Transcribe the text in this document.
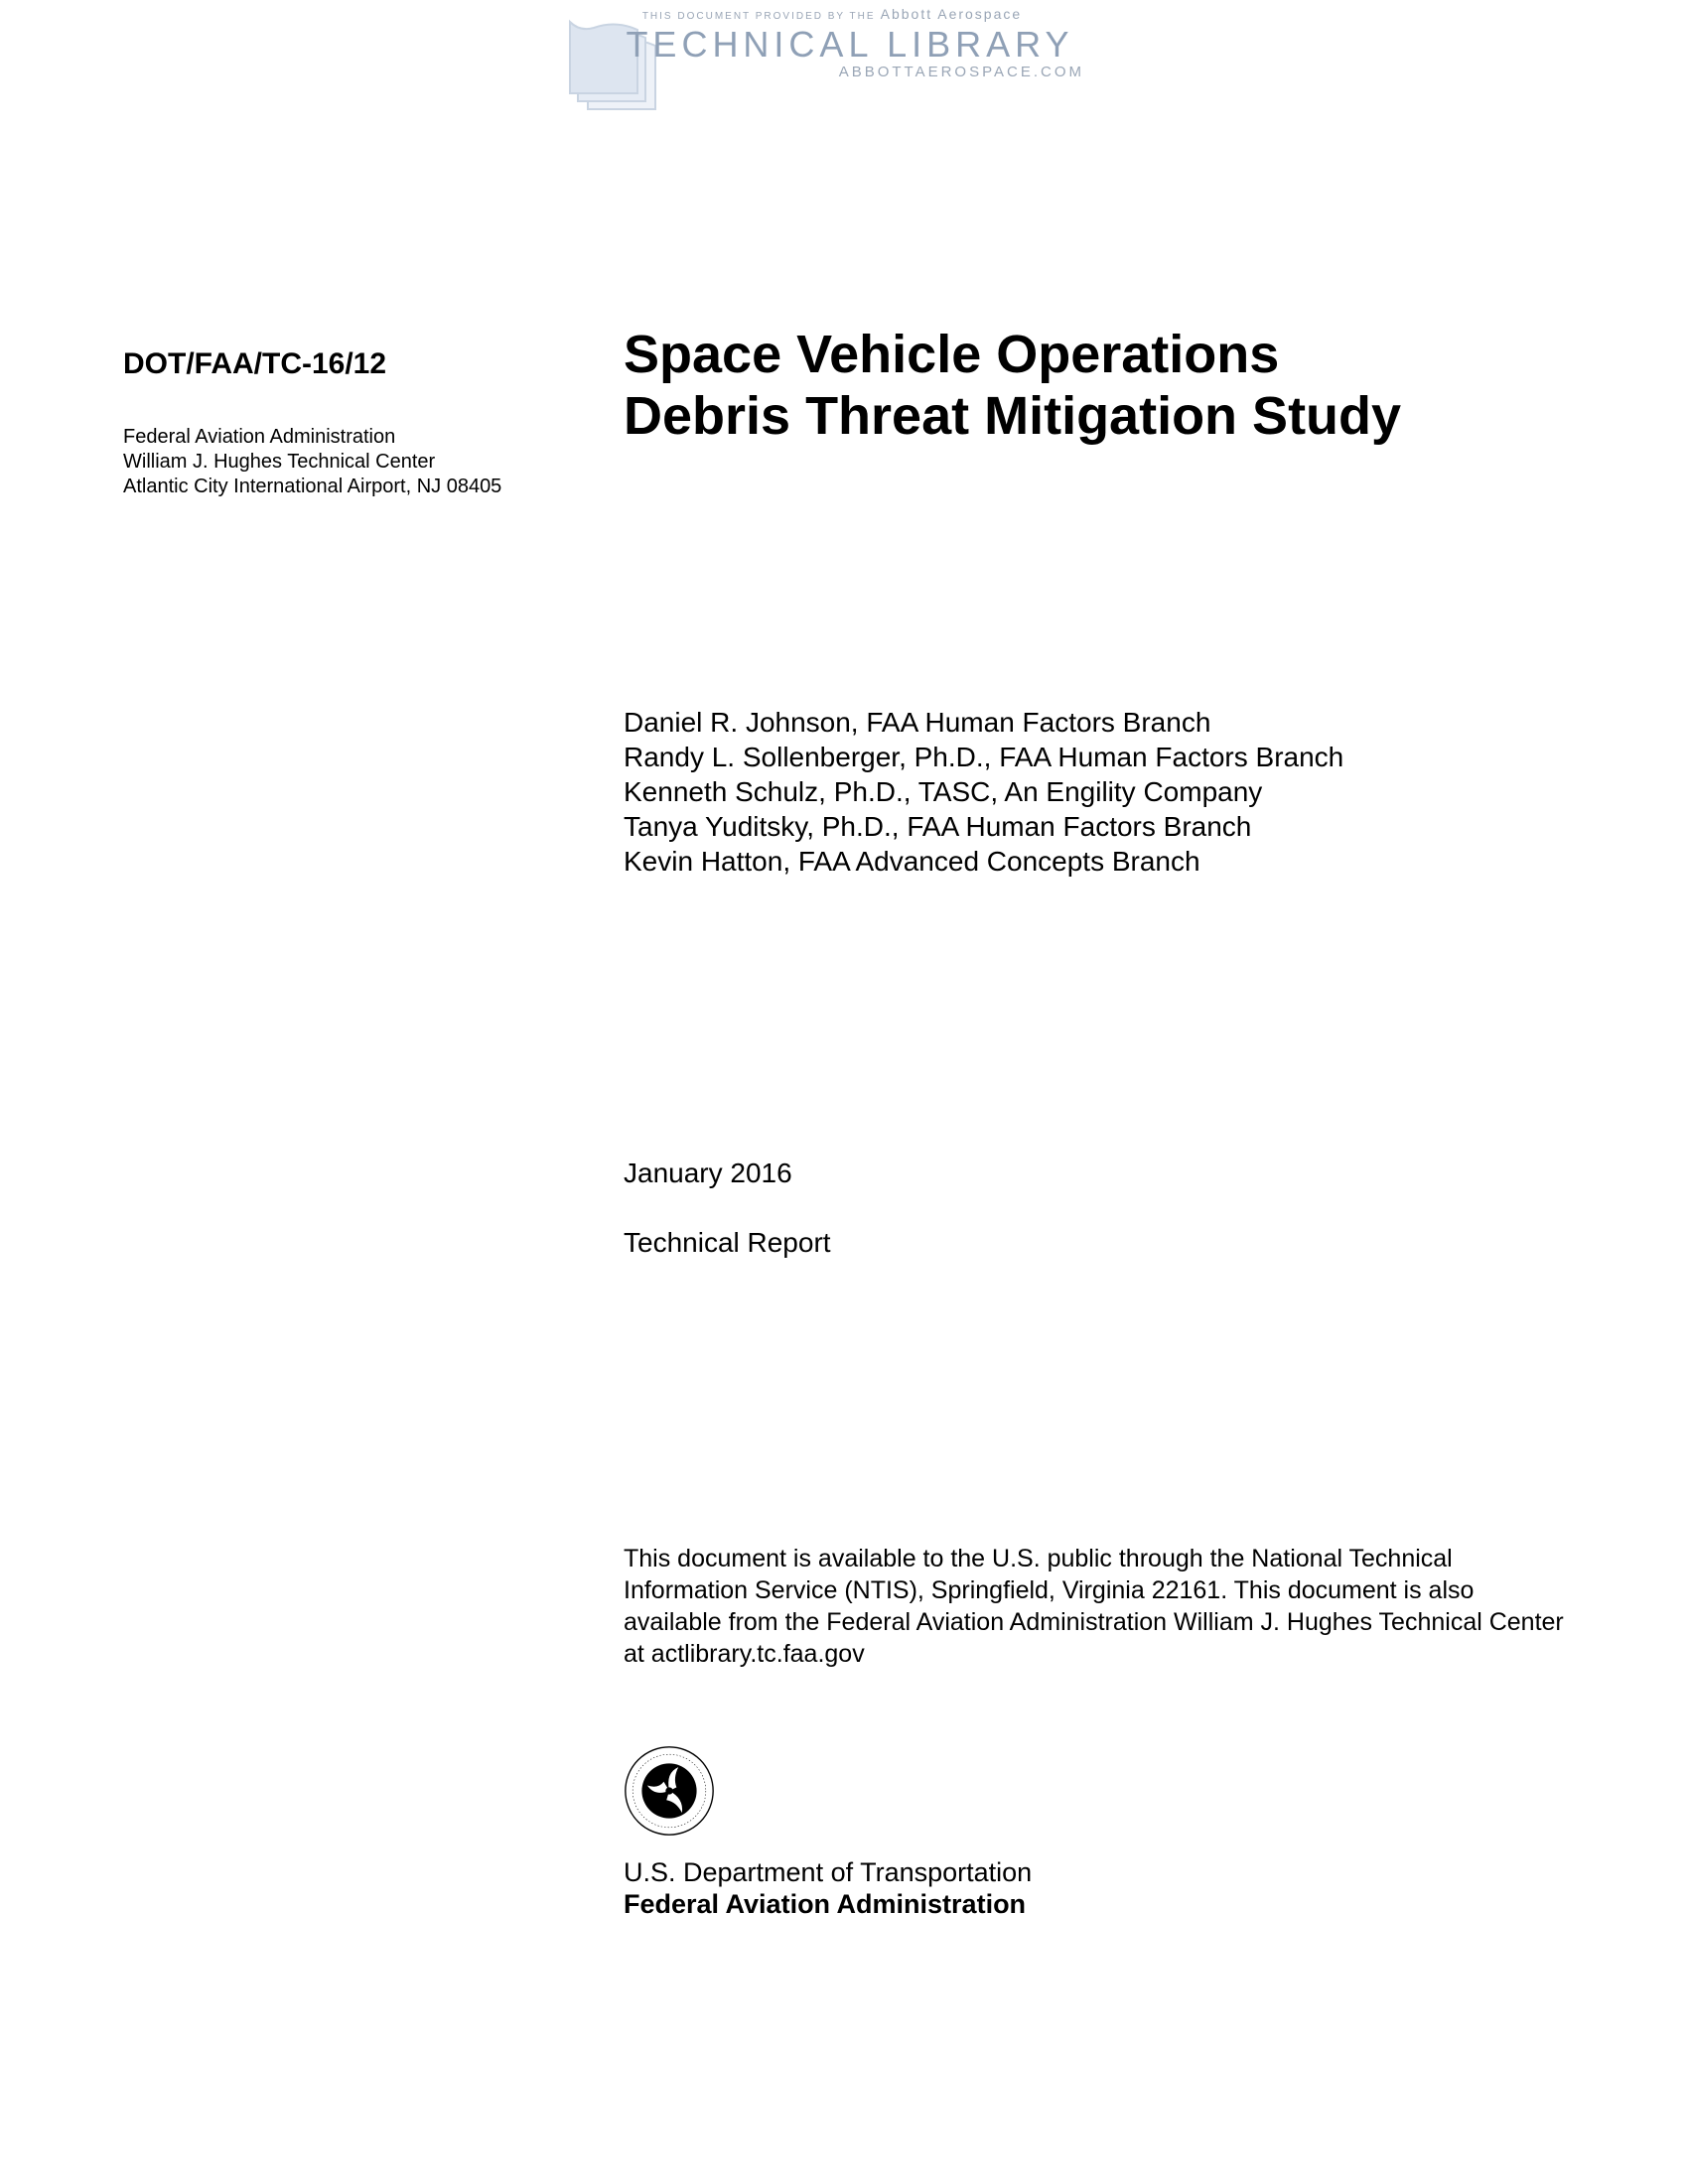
THIS DOCUMENT PROVIDED BY THE Abbott Aerospace
TECHNICAL LIBRARY
ABBOTTAEROSPACE.COM
DOT/FAA/TC-16/12
Federal Aviation Administration
William J. Hughes Technical Center
Atlantic City International Airport, NJ 08405
Space Vehicle Operations
Debris Threat Mitigation Study
Daniel R. Johnson, FAA Human Factors Branch
Randy L. Sollenberger, Ph.D., FAA Human Factors Branch
Kenneth Schulz, Ph.D., TASC, An Engility Company
Tanya Yuditsky, Ph.D., FAA Human Factors Branch
Kevin Hatton, FAA Advanced Concepts Branch
January 2016
Technical Report
This document is available to the U.S. public through the National Technical Information Service (NTIS), Springfield, Virginia 22161. This document is also available from the Federal Aviation Administration William J. Hughes Technical Center at actlibrary.tc.faa.gov
U.S. Department of Transportation
Federal Aviation Administration
